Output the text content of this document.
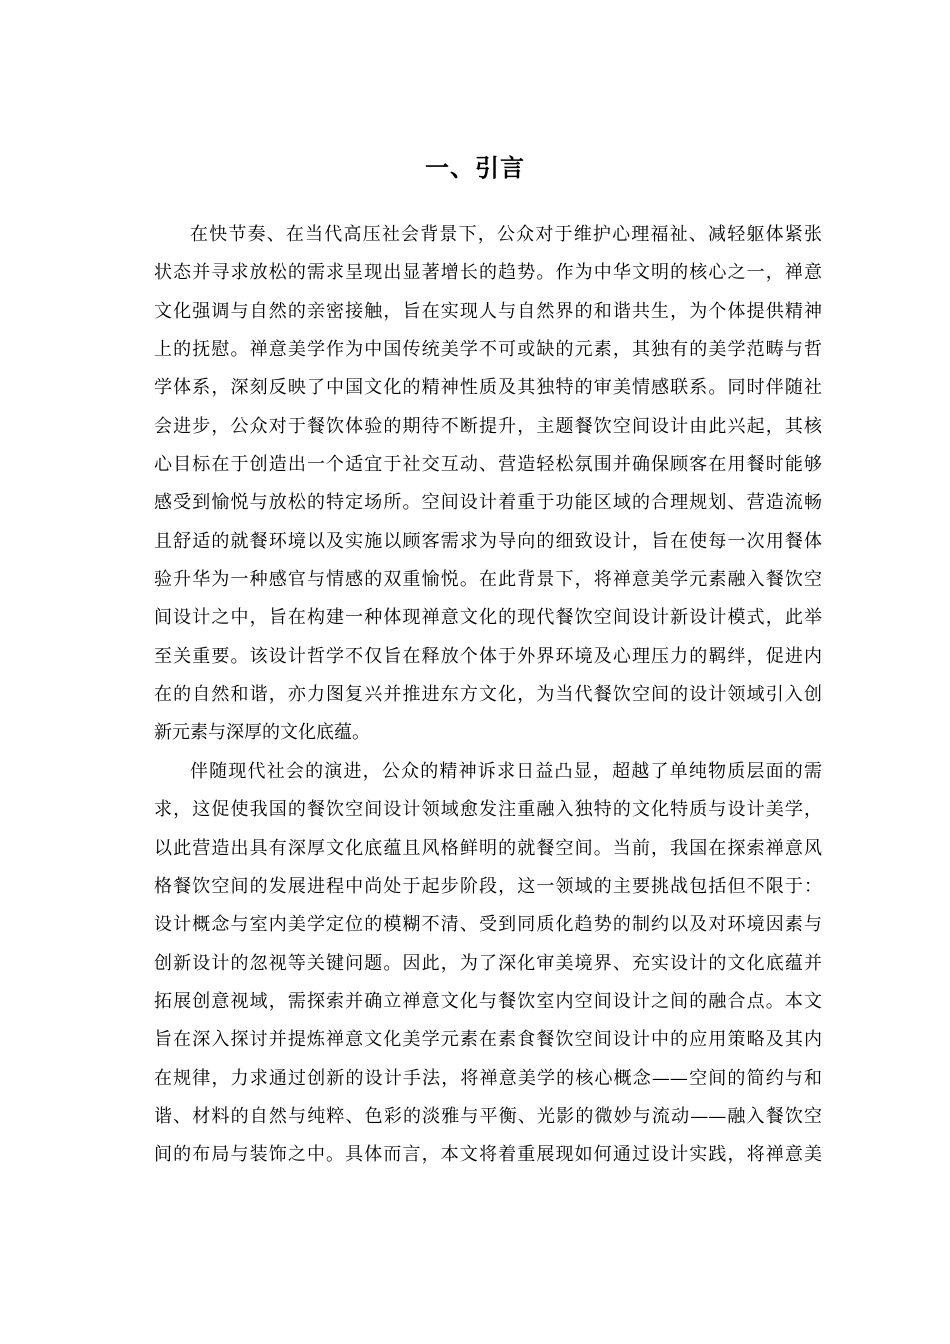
一、引言
在快节奏、在当代高压社会背景下，公众对于维护心理福祉、减轻躯体紧张
状态并寻求放松的需求呈现出显著增长的趋势。作为中华文明的核心之一，禅意
文化强调与自然的亲密接触，旨在实现人与自然界的和谐共生，为个体提供精神
上的抚慰。禅意美学作为中国传统美学不可或缺的元素，其独有的美学范畴与哲
学体系，深刻反映了中国文化的精神性质及其独特的审美情感联系。同时伴随社
会进步，公众对于餐饮体验的期待不断提升，主题餐饮空间设计由此兴起，其核
心目标在于创造出一个适宜于社交互动、营造轻松氛围并确保顾客在用餐时能够
感受到愉悦与放松的特定场所。空间设计着重于功能区域的合理规划、营造流畅
且舒适的就餐环境以及实施以顾客需求为导向的细致设计，旨在使每一次用餐体
验升华为一种感官与情感的双重愉悦。在此背景下，将禅意美学元素融入餐饮空
间设计之中，旨在构建一种体现禅意文化的现代餐饮空间设计新设计模式，此举
至关重要。该设计哲学不仅旨在释放个体于外界环境及心理压力的羁绊，促进内
在的自然和谐，亦力图复兴并推进东方文化，为当代餐饮空间的设计领域引入创
新元素与深厚的文化底蕴。
伴随现代社会的演进，公众的精神诉求日益凸显，超越了单纯物质层面的需
求，这促使我国的餐饮空间设计领域愈发注重融入独特的文化特质与设计美学，
以此营造出具有深厚文化底蕴且风格鲜明的就餐空间。当前，我国在探索禅意风
格餐饮空间的发展进程中尚处于起步阶段，这一领域的主要挑战包括但不限于：
设计概念与室内美学定位的模糊不清、受到同质化趋势的制约以及对环境因素与
创新设计的忽视等关键问题。因此，为了深化审美境界、充实设计的文化底蕴并
拓展创意视域，需探索并确立禅意文化与餐饮室内空间设计之间的融合点。本文
旨在深入探讨并提炼禅意文化美学元素在素食餐饮空间设计中的应用策略及其内
在规律，力求通过创新的设计手法，将禅意美学的核心概念——空间的简约与和
谐、材料的自然与纯粹、色彩的淡雅与平衡、光影的微妙与流动——融入餐饮空
间的布局与装饰之中。具体而言，本文将着重展现如何通过设计实践，将禅意美
